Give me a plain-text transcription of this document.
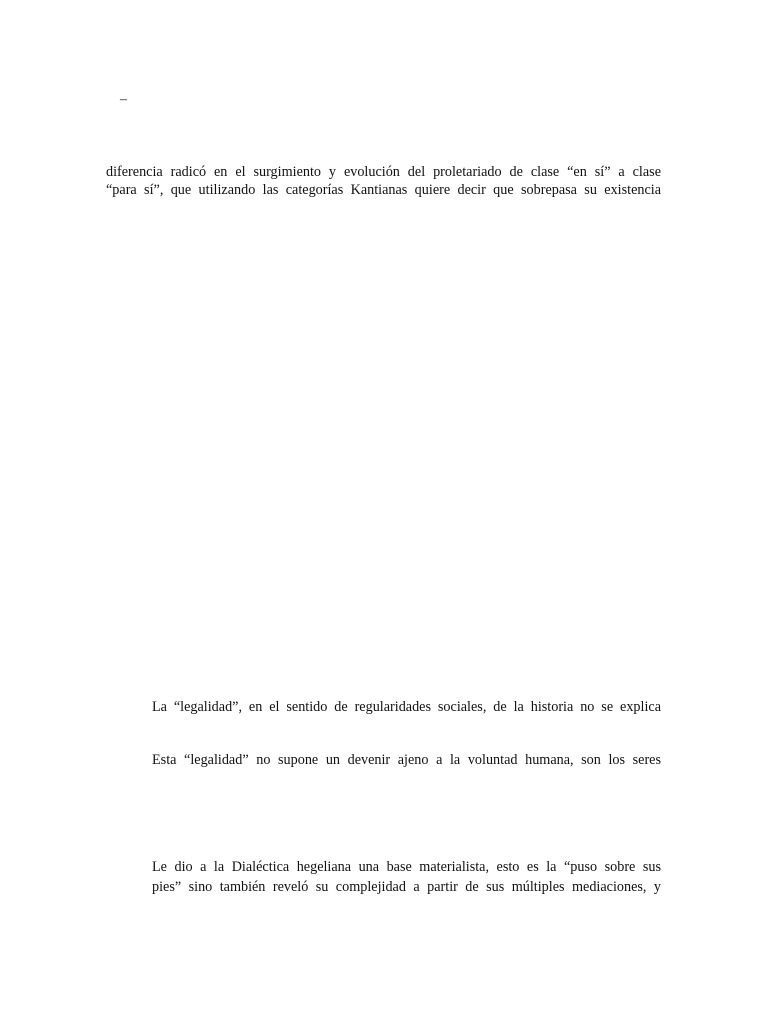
–
diferencia radicó en el surgimiento y evolución del proletariado de clase “en sí” a clase
“para sí”, que utilizando las categorías Kantianas quiere decir que sobrepasa su existencia
La “legalidad”, en el sentido de regularidades sociales, de la historia no se explica
Esta “legalidad” no supone un devenir ajeno a la voluntad humana, son los seres
Le dio a la Dialéctica hegeliana una base materialista, esto es la “puso sobre sus
pies” sino también reveló su complejidad a partir de sus múltiples mediaciones, y
